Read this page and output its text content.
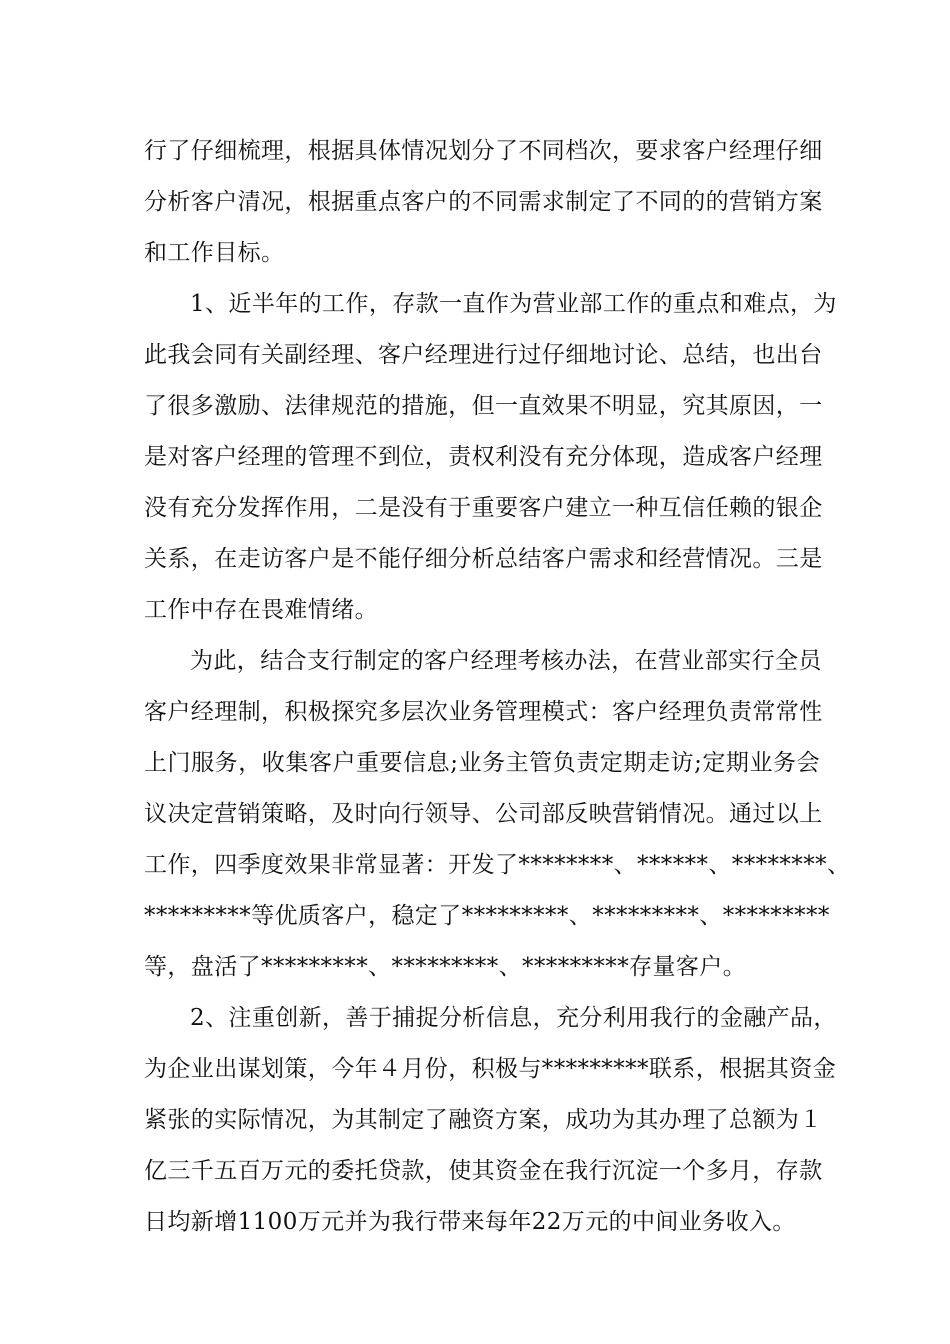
行了仔细梳理，根据具体情况划分了不同档次，要求客户经理仔细
分析客户清况，根据重点客户的不同需求制定了不同的的营销方案
和工作目标。
1、近半年的工作，存款一直作为营业部工作的重点和难点，为
此我会同有关副经理、客户经理进行过仔细地讨论、总结，也出台
了很多激励、法律规范的措施，但一直效果不明显，究其原因，一
是对客户经理的管理不到位，责权利没有充分体现，造成客户经理
没有充分发挥作用，二是没有于重要客户建立一种互信任赖的银企
关系，在走访客户是不能仔细分析总结客户需求和经营情况。三是
工作中存在畏难情绪。
为此，结合支行制定的客户经理考核办法，在营业部实行全员
客户经理制，积极探究多层次业务管理模式：客户经理负责常常性
上门服务，收集客户重要信息;业务主管负责定期走访;定期业务会
议决定营销策略，及时向行领导、公司部反映营销情况。通过以上
工作，四季度效果非常显著：开发了********、******、********、
*********等优质客户，稳定了*********、*********、*********
等，盘活了*********、*********、*********存量客户。
2、注重创新，善于捕捉分析信息，充分利用我行的金融产品，
为企业出谋划策，今年４月份，积极与*********联系，根据其资金
紧张的实际情况，为其制定了融资方案，成功为其办理了总额为１
亿三千五百万元的委托贷款，使其资金在我行沉淀一个多月，存款
日均新增1100万元并为我行带来每年22万元的中间业务收入。
